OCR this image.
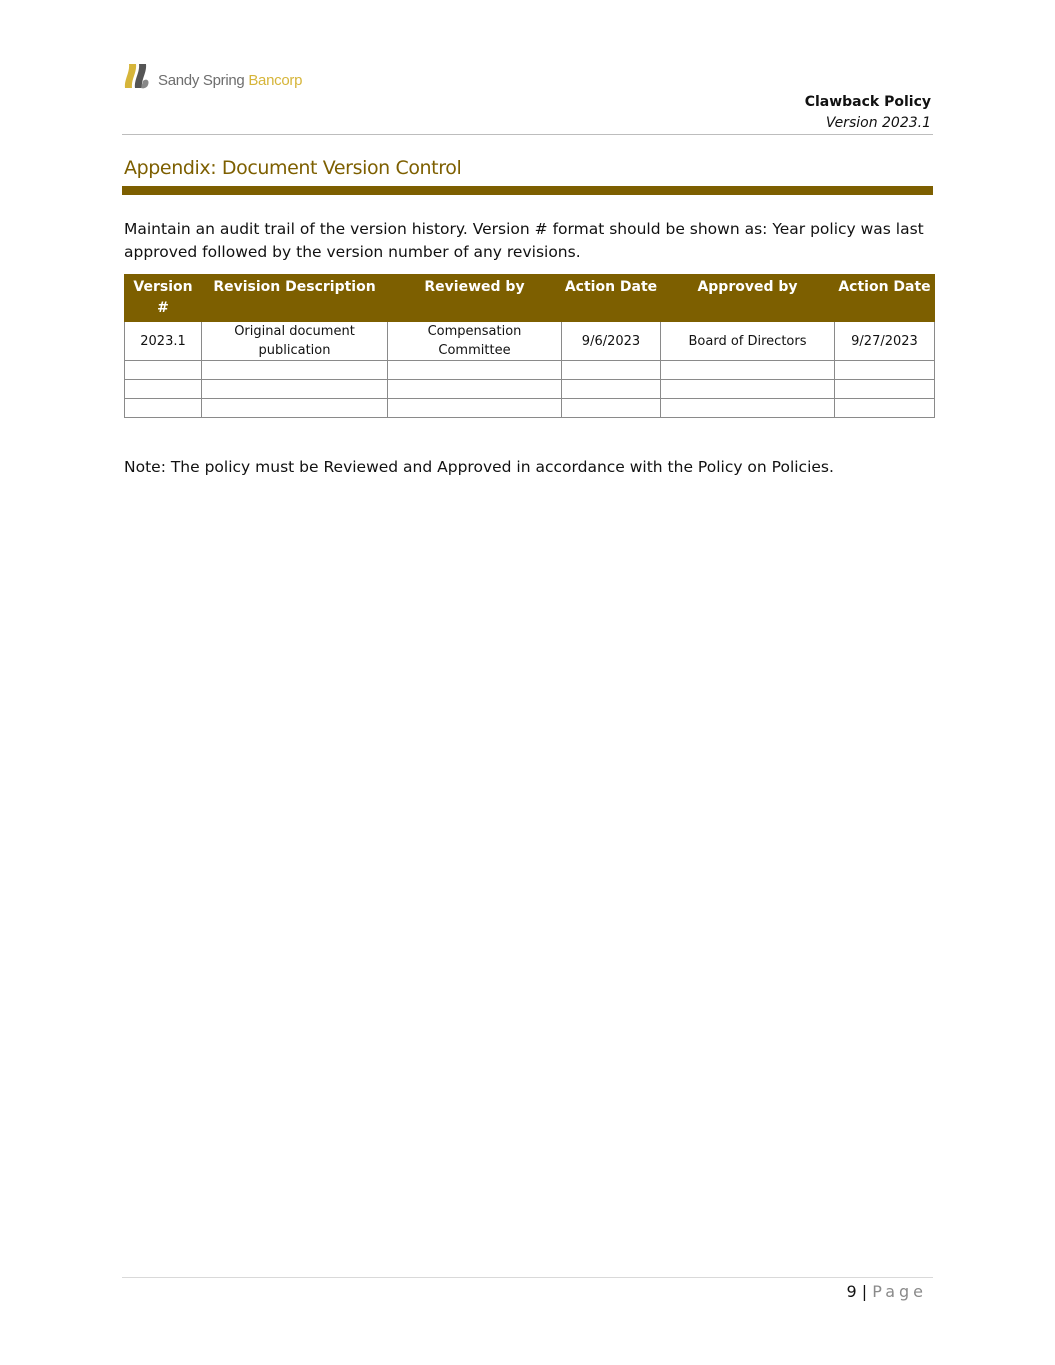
Sandy Spring Bancorp
Clawback Policy
Version 2023.1
Appendix: Document Version Control
Maintain an audit trail of the version history. Version # format should be shown as: Year policy was last approved followed by the version number of any revisions.
Version #	Revision Description	Reviewed by	Action Date	Approved by	Action Date
2023.1	Original document publication	Compensation Committee	9/6/2023	Board of Directors	9/27/2023

Note: The policy must be Reviewed and Approved in accordance with the Policy on Policies.
9 | Page
